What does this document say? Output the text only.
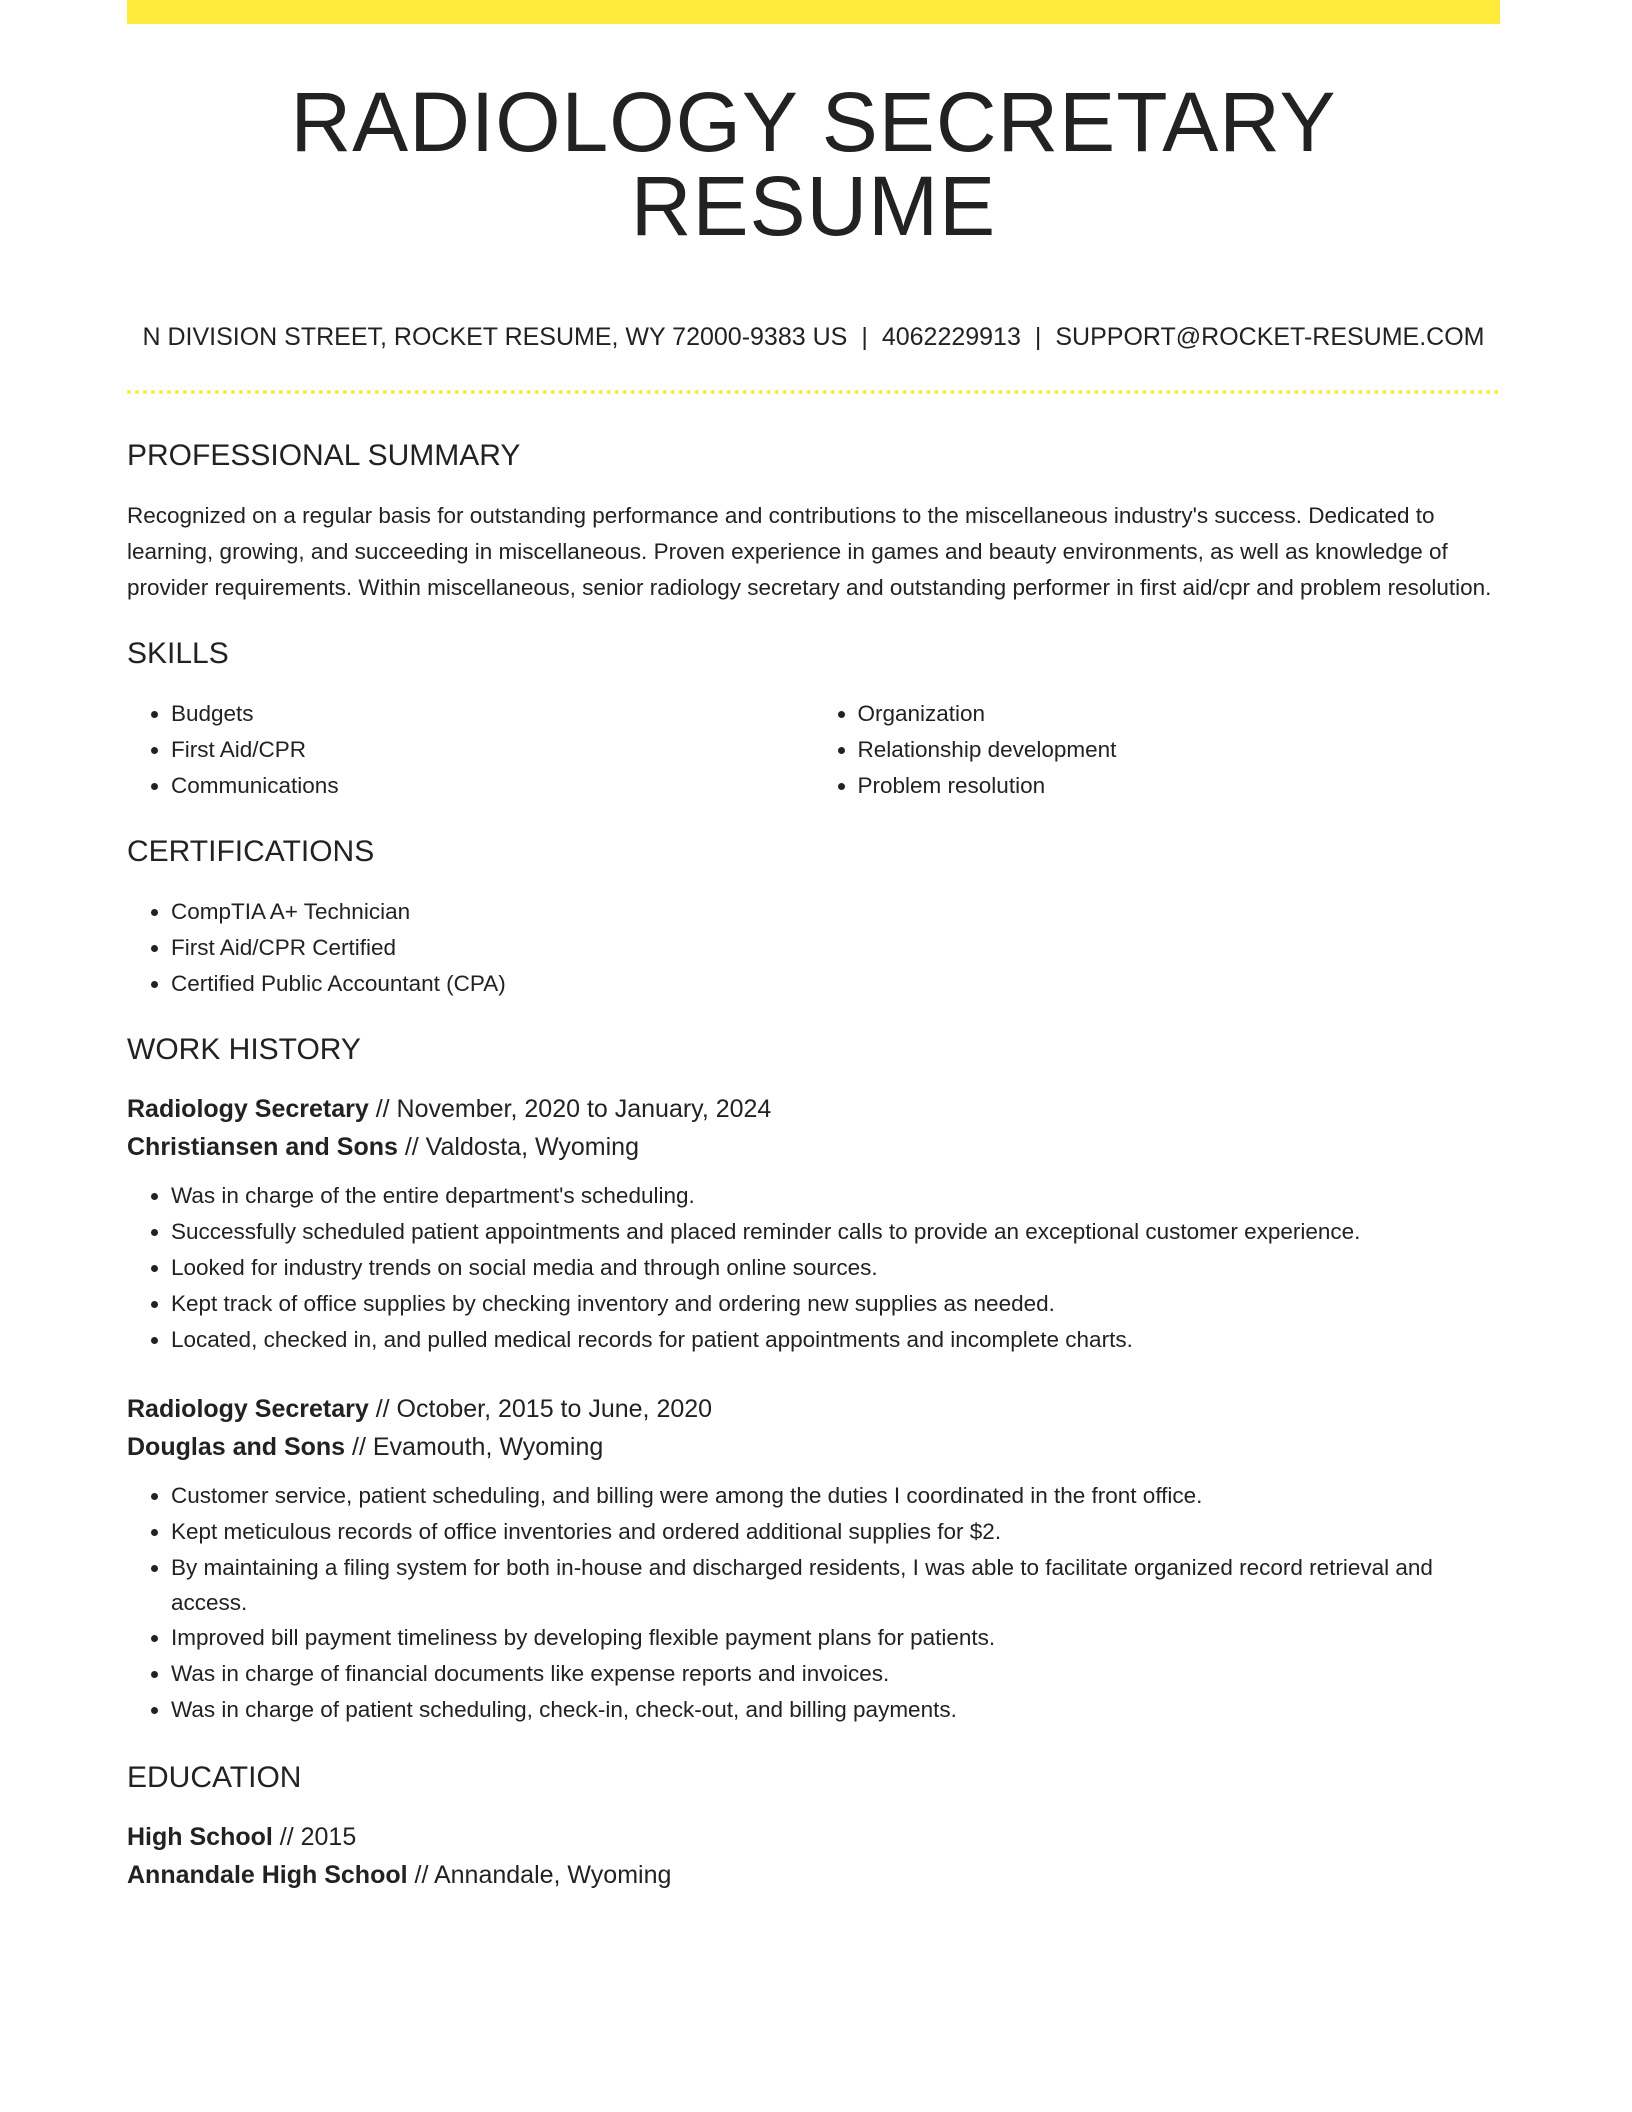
RADIOLOGY SECRETARY RESUME
N DIVISION STREET, ROCKET RESUME, WY 72000-9383 US | 4062229913 | SUPPORT@ROCKET-RESUME.COM
PROFESSIONAL SUMMARY

Recognized on a regular basis for outstanding performance and contributions to the miscellaneous industry's success. Dedicated to learning, growing, and succeeding in miscellaneous. Proven experience in games and beauty environments, as well as knowledge of provider requirements. Within miscellaneous, senior radiology secretary and outstanding performer in first aid/cpr and problem resolution.

SKILLS
• Budgets
• First Aid/CPR
• Communications
• Organization
• Relationship development
• Problem resolution
CERTIFICATIONS
• CompTIA A+ Technician
• First Aid/CPR Certified
• Certified Public Accountant (CPA)
WORK HISTORY
Radiology Secretary // November, 2020 to January, 2024
Christiansen and Sons // Valdosta, Wyoming
• Was in charge of the entire department's scheduling.
• Successfully scheduled patient appointments and placed reminder calls to provide an exceptional customer experience.
• Looked for industry trends on social media and through online sources.
• Kept track of office supplies by checking inventory and ordering new supplies as needed.
• Located, checked in, and pulled medical records for patient appointments and incomplete charts.
Radiology Secretary // October, 2015 to June, 2020
Douglas and Sons // Evamouth, Wyoming
• Customer service, patient scheduling, and billing were among the duties I coordinated in the front office.
• Kept meticulous records of office inventories and ordered additional supplies for $2.
• By maintaining a filing system for both in-house and discharged residents, I was able to facilitate organized record retrieval and access.
• Improved bill payment timeliness by developing flexible payment plans for patients.
• Was in charge of financial documents like expense reports and invoices.
• Was in charge of patient scheduling, check-in, check-out, and billing payments.
EDUCATION
High School // 2015
Annandale High School // Annandale, Wyoming
